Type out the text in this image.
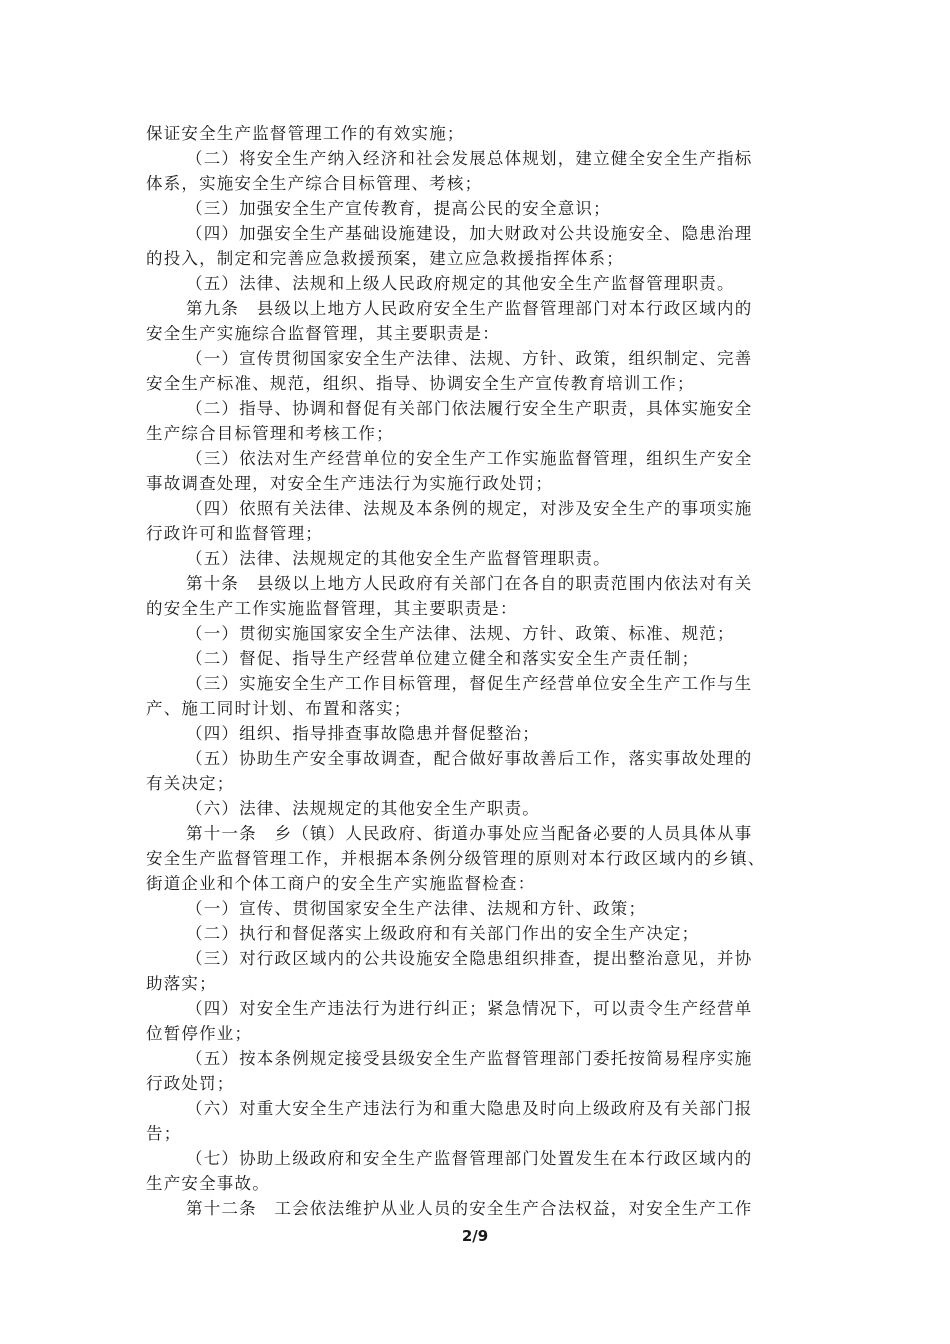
保证安全生产监督管理工作的有效实施；
（二）将安全生产纳入经济和社会发展总体规划，建立健全安全生产指标
体系，实施安全生产综合目标管理、考核；
（三）加强安全生产宣传教育，提高公民的安全意识；
（四）加强安全生产基础设施建设，加大财政对公共设施安全、隐患治理
的投入，制定和完善应急救援预案，建立应急救援指挥体系；
（五）法律、法规和上级人民政府规定的其他安全生产监督管理职责。
第九条　县级以上地方人民政府安全生产监督管理部门对本行政区域内的
安全生产实施综合监督管理，其主要职责是：
（一）宣传贯彻国家安全生产法律、法规、方针、政策，组织制定、完善
安全生产标准、规范，组织、指导、协调安全生产宣传教育培训工作；
（二）指导、协调和督促有关部门依法履行安全生产职责，具体实施安全
生产综合目标管理和考核工作；
（三）依法对生产经营单位的安全生产工作实施监督管理，组织生产安全
事故调查处理，对安全生产违法行为实施行政处罚；
（四）依照有关法律、法规及本条例的规定，对涉及安全生产的事项实施
行政许可和监督管理；
（五）法律、法规规定的其他安全生产监督管理职责。
第十条　县级以上地方人民政府有关部门在各自的职责范围内依法对有关
的安全生产工作实施监督管理，其主要职责是：
（一）贯彻实施国家安全生产法律、法规、方针、政策、标准、规范；
（二）督促、指导生产经营单位建立健全和落实安全生产责任制；
（三）实施安全生产工作目标管理，督促生产经营单位安全生产工作与生
产、施工同时计划、布置和落实；
（四）组织、指导排查事故隐患并督促整治；
（五）协助生产安全事故调查，配合做好事故善后工作，落实事故处理的
有关决定；
（六）法律、法规规定的其他安全生产职责。
第十一条　乡（镇）人民政府、街道办事处应当配备必要的人员具体从事
安全生产监督管理工作，并根据本条例分级管理的原则对本行政区域内的乡镇、
街道企业和个体工商户的安全生产实施监督检查：
（一）宣传、贯彻国家安全生产法律、法规和方针、政策；
（二）执行和督促落实上级政府和有关部门作出的安全生产决定；
（三）对行政区域内的公共设施安全隐患组织排查，提出整治意见，并协
助落实；
（四）对安全生产违法行为进行纠正；紧急情况下，可以责令生产经营单
位暂停作业；
（五）按本条例规定接受县级安全生产监督管理部门委托按简易程序实施
行政处罚；
（六）对重大安全生产违法行为和重大隐患及时向上级政府及有关部门报
告；
（七）协助上级政府和安全生产监督管理部门处置发生在本行政区域内的
生产安全事故。
第十二条　工会依法维护从业人员的安全生产合法权益，对安全生产工作
2/9
